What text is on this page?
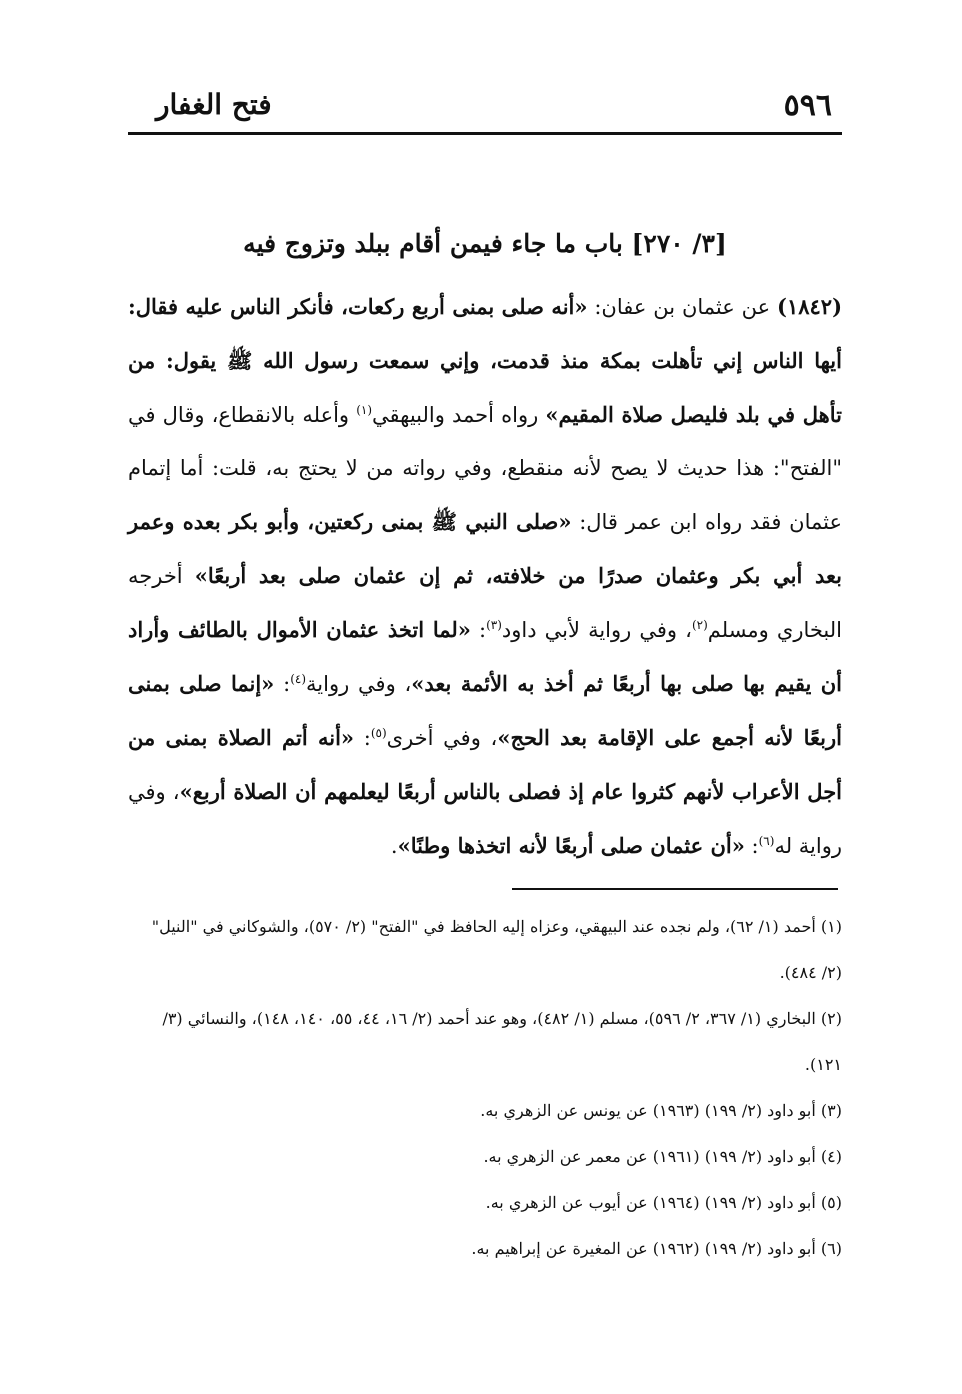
٥٩٦
فتح الغفار
[٣/ ٢٧٠] باب ما جاء فيمن أقام ببلد وتزوج فيه

(١٨٤٢) عن عثمان بن عفان: «أنه صلى بمنى أربع ركعات، فأنكر الناس عليه فقال: أيها الناس إني تأهلت بمكة منذ قدمت، وإني سمعت رسول الله ﷺ يقول: من تأهل في بلد فليصل صلاة المقيم» رواه أحمد والبيهقي$^{(١)}$ وأعله بالانقطاع، وقال في "الفتح": هذا حديث لا يصح لأنه منقطع، وفي رواته من لا يحتج به، قلت: أما إتمام عثمان فقد رواه ابن عمر قال: «صلى النبي ﷺ بمنى ركعتين، وأبو بكر بعده وعمر بعد أبي بكر وعثمان صدرًا من خلافته، ثم إن عثمان صلى بعد أربعًا» أخرجه البخاري ومسلم$^{(٢)}$، وفي رواية لأبي داود$^{(٣)}$: «لما اتخذ عثمان الأموال بالطائف وأراد أن يقيم بها صلى بها أربعًا ثم أخذ به الأئمة بعد»، وفي رواية$^{(٤)}$: «إنما صلى بمنى أربعًا لأنه أجمع على الإقامة بعد الحج»، وفي أخرى$^{(٥)}$: «أنه أتم الصلاة بمنى من أجل الأعراب لأنهم كثروا عام إذ فصلى بالناس أربعًا ليعلمهم أن الصلاة أربع»، وفي رواية له$^{(٦)}$: «أن عثمان صلى أربعًا لأنه اتخذها وطنًا».

(١) أحمد (١/ ٦٢)، ولم نجده عند البيهقي، وعزاه إليه الحافظ في "الفتح" (٢/ ٥٧٠)، والشوكاني في "النيل" (٢/ ٤٨٤).

(٢) البخاري (١/ ٣٦٧، ٢/ ٥٩٦)، مسلم (١/ ٤٨٢)، وهو عند أحمد (٢/ ١٦، ٤٤، ٥٥، ١٤٠، ١٤٨)، والنسائي (٣/ ١٢١).

(٣) أبو داود (٢/ ١٩٩) (١٩٦٣) عن يونس عن الزهري به.

(٤) أبو داود (٢/ ١٩٩) (١٩٦١) عن معمر عن الزهري به.

(٥) أبو داود (٢/ ١٩٩) (١٩٦٤) عن أيوب عن الزهري به.

(٦) أبو داود (٢/ ١٩٩) (١٩٦٢) عن المغيرة عن إبراهيم به.
